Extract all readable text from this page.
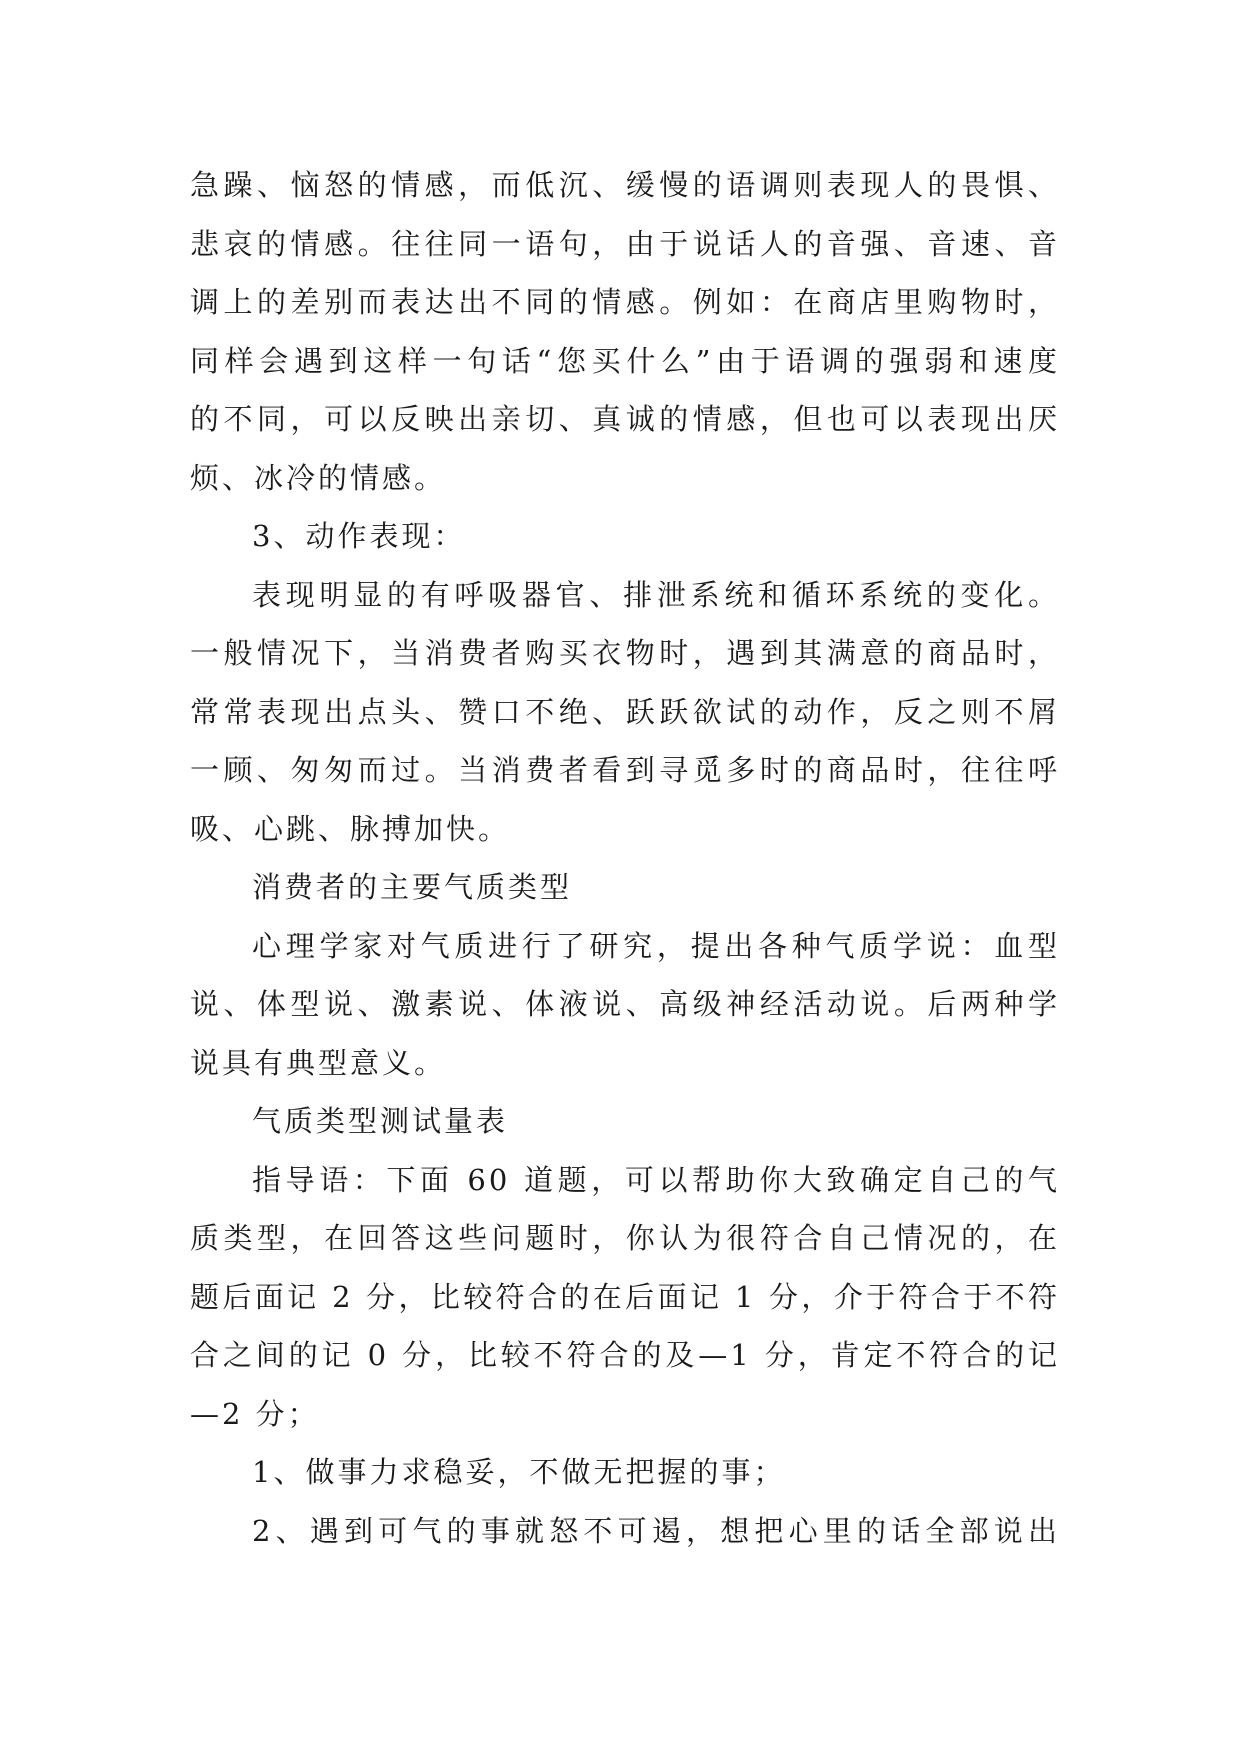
急躁、恼怒的情感，而低沉、缓慢的语调则表现人的畏惧、
悲哀的情感。往往同一语句，由于说话人的音强、音速、音
调上的差别而表达出不同的情感。例如：在商店里购物时，
同样会遇到这样一句话“您买什么”由于语调的强弱和速度
的不同，可以反映出亲切、真诚的情感，但也可以表现出厌
烦、冰冷的情感。
3、动作表现：
表现明显的有呼吸器官、排泄系统和循环系统的变化。
一般情况下，当消费者购买衣物时，遇到其满意的商品时，
常常表现出点头、赞口不绝、跃跃欲试的动作，反之则不屑
一顾、匆匆而过。当消费者看到寻觅多时的商品时，往往呼
吸、心跳、脉搏加快。
消费者的主要气质类型
心理学家对气质进行了研究，提出各种气质学说：血型
说、体型说、激素说、体液说、高级神经活动说。后两种学
说具有典型意义。
气质类型测试量表
指导语：下面 60 道题，可以帮助你大致确定自己的气
质类型，在回答这些问题时，你认为很符合自己情况的，在
题后面记 2 分，比较符合的在后面记 1 分，介于符合于不符
合之间的记 0 分，比较不符合的及—1 分，肯定不符合的记
—2 分；
1、做事力求稳妥，不做无把握的事；
2、遇到可气的事就怒不可遏，想把心里的话全部说出
